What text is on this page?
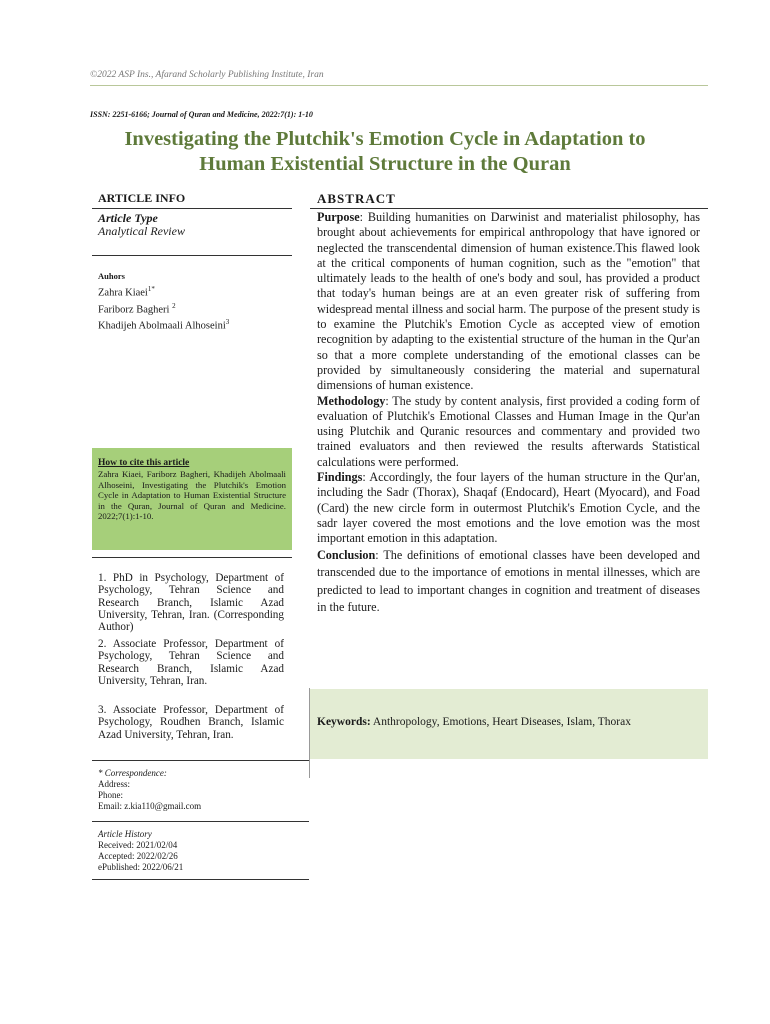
©2022 ASP Ins., Afarand Scholarly Publishing Institute, Iran
ISSN: 2251-6166; Journal of Quran and Medicine, 2022:7(1): 1-10
Investigating the Plutchik's Emotion Cycle in Adaptation to
Human Existential Structure in the Quran
ARTICLE INFO
Article Type
Analytical Review
Auhors
Zahra Kiaei$^{1*}$
Fariborz Bagheri $^2$
Khadijeh Abolmaali Alhoseini$^3$
How to cite this article
Zahra Kiaei, Fariborz Bagheri, Khadijeh Abolmaali Alhoseini, Investigating the Plutchik's Emotion Cycle in Adaptation to Human Existential Structure in the Quran, Journal of Quran and Medicine. 2022;7(1):1-10.
1. PhD in Psychology, Department of Psychology, Tehran Science and Research Branch, Islamic Azad University, Tehran, Iran. (Corresponding Author)
2. Associate Professor, Department of Psychology, Tehran Science and Research Branch, Islamic Azad University, Tehran, Iran.
3. Associate Professor, Department of Psychology, Roudhen Branch, Islamic Azad University, Tehran, Iran.
* Correspondence:
Address:
Phone:
Email: z.kia110@gmail.com
Article History
Received: 2021/02/04
Accepted: 2022/02/26
ePublished: 2022/06/21
ABSTRACT

Purpose: Building humanities on Darwinist and materialist philosophy, has brought about achievements for empirical anthropology that have ignored or neglected the transcendental dimension of human existence.This flawed look at the critical components of human cognition, such as the "emotion" that ultimately leads to the health of one's body and soul, has provided a product that today's human beings are at an even greater risk of suffering from widespread mental illness and social harm. The purpose of the present study is to examine the Plutchik's Emotion Cycle as accepted view of emotion recognition by adapting to the existential structure of the human in the Qur'an so that a more complete understanding of the emotional classes can be provided by simultaneously considering the material and supernatural dimensions of human existence.

Methodology: The study by content analysis, first provided a coding form of evaluation of Plutchik's Emotional Classes and Human Image in the Qur'an using Plutchik and Quranic resources and commentary and provided two trained evaluators and then reviewed the results afterwards Statistical calculations were performed.

Findings: Accordingly, the four layers of the human structure in the Qur'an, including the Sadr (Thorax), Shaqaf (Endocard), Heart (Myocard), and Foad (Card) the new circle form in outermost Plutchik's Emotion Cycle, and the sadr layer covered the most emotions and the love emotion was the most important emotion in this adaptation.

Conclusion: The definitions of emotional classes have been developed and transcended due to the importance of emotions in mental illnesses, which are predicted to lead to important changes in cognition and treatment of diseases in the future.

Keywords: Anthropology, Emotions, Heart Diseases, Islam, Thorax
